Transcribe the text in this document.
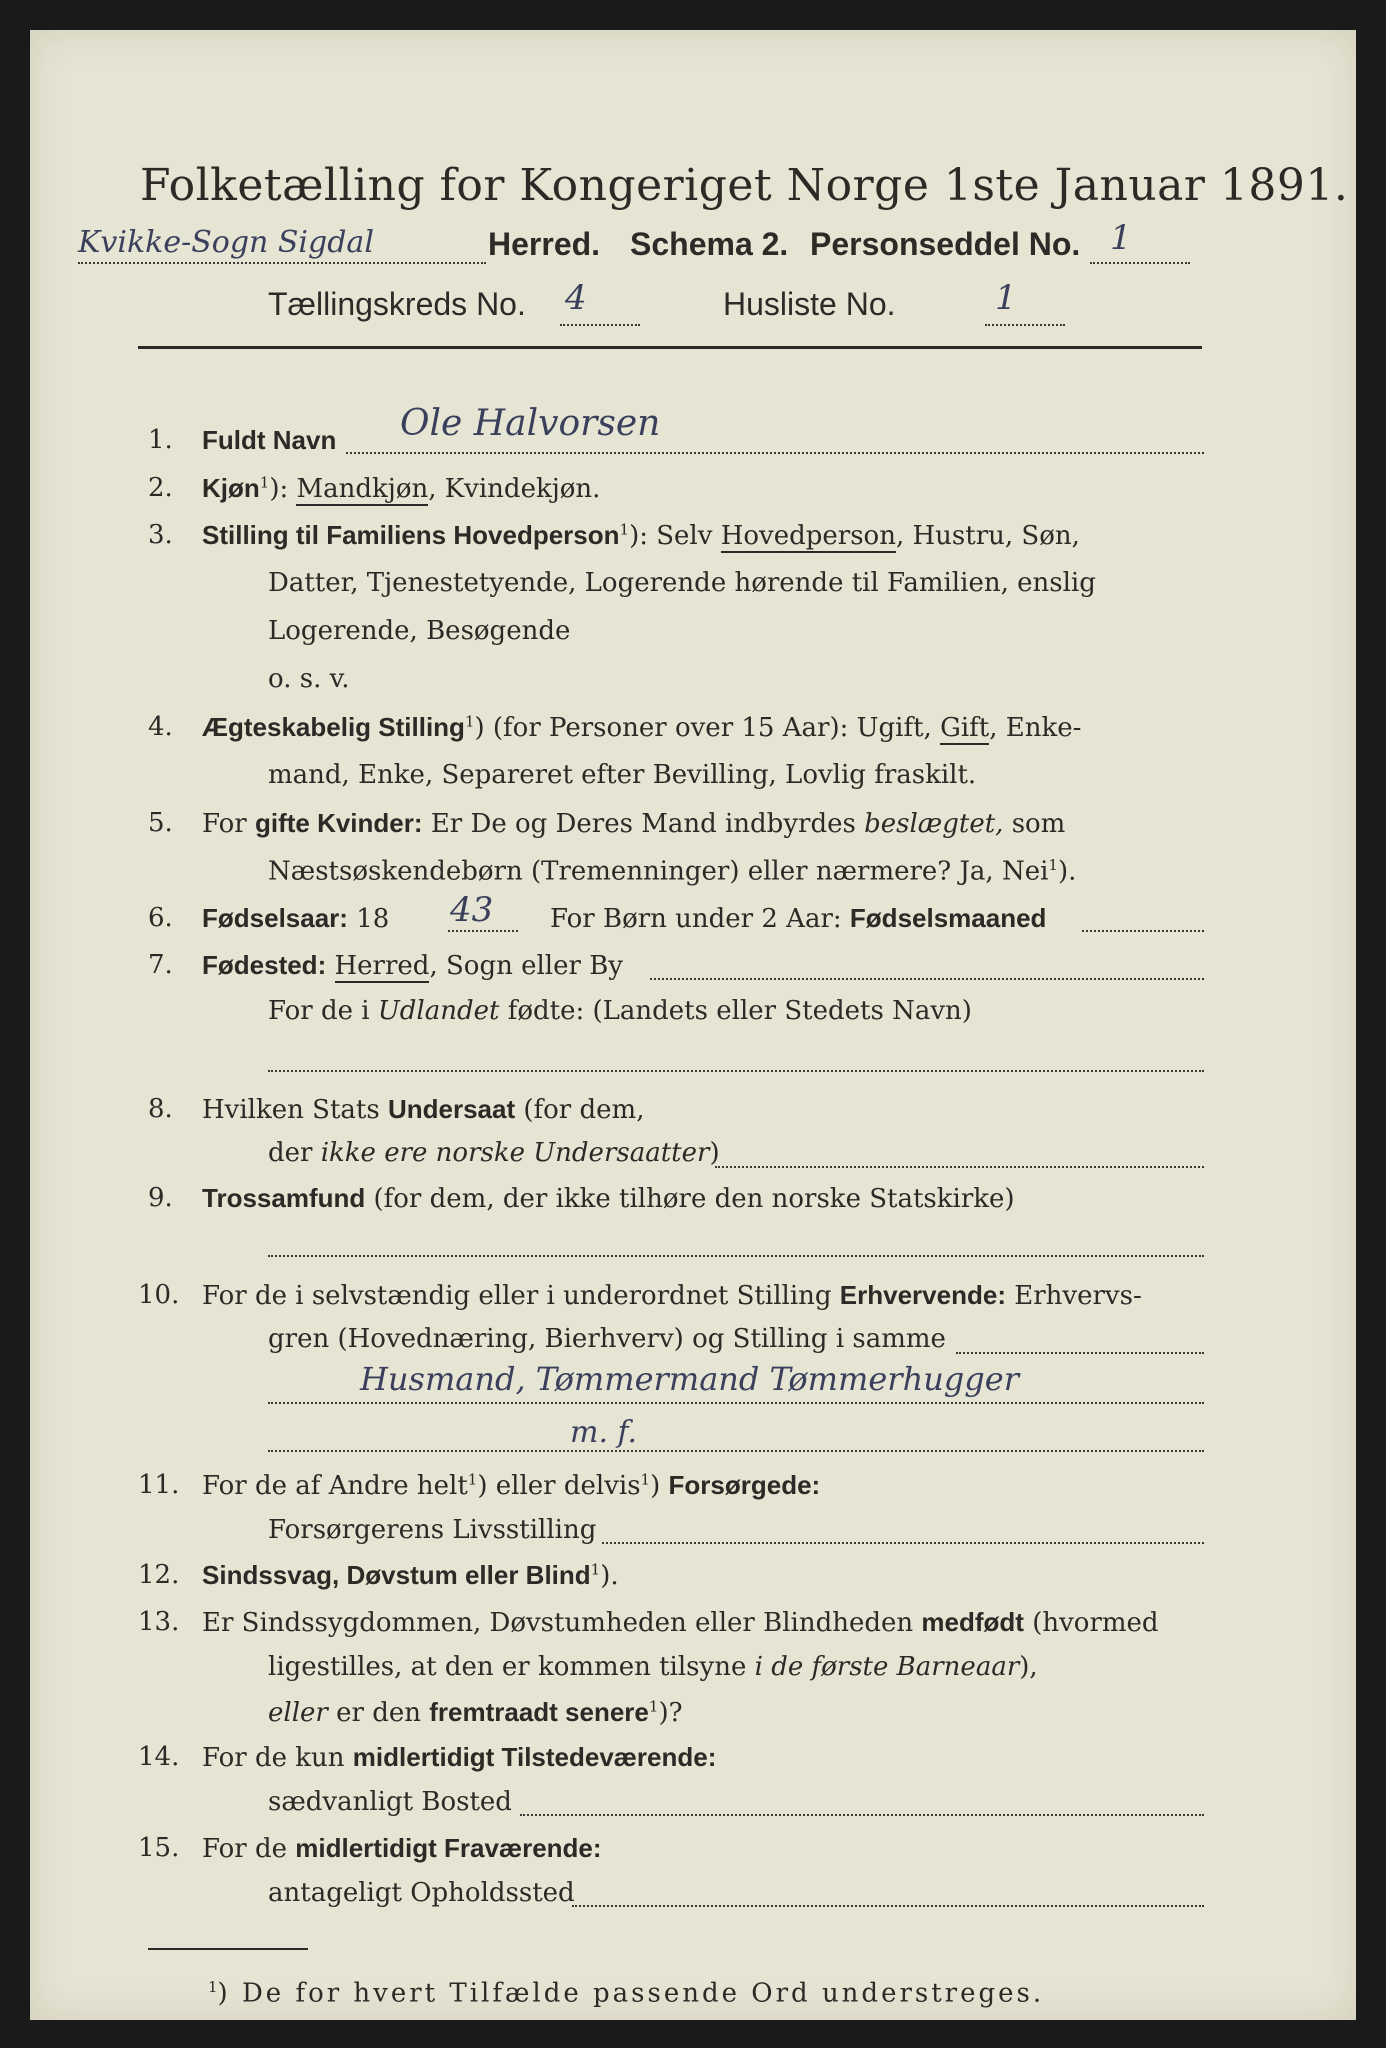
Folketælling for Kongeriget Norge 1ste Januar 1891.
Kvikke-Sogn Sigdal	Herred. Schema 2. Personseddel No. 1
Tællingskreds No. 4	Husliste No.	1
1. Fuldt Navn Ole Halvorsen
2. Kjøn$^1$): Mandkjøn, Kvindekjøn.
3. Stilling til Familiens Hovedperson$^1$): Selv Hovedperson, Hustru, Søn,
Datter, Tjenestetyende, Logerende hørende til Familien, enslig
Logerende, Besøgende
o. s. v.
4. Ægteskabelig Stilling$^1$) (for Personer over 15 Aar): Ugift, Gift, Enke-
mand, Enke, Separeret efter Bevilling, Lovlig fraskilt.
5. For gifte Kvinder: Er De og Deres Mand indbyrdes beslægtet, som
Næstsøskendebørn (Tremenninger) eller nærmere? Ja, Nei$^1$).
6. Fødselsaar: 18 43 For Børn under 2 Aar: Fødselsmaaned
7. Fødested: Herred, Sogn eller By
For de i Udlandet fødte: (Landets eller Stedets Navn)
8. Hvilken Stats Undersaat (for dem,
der ikke ere norske Undersaatter)
9. Trossamfund (for dem, der ikke tilhøre den norske Statskirke)
10. For de i selvstændig eller i underordnet Stilling Erhvervende: Erhvervs-
gren (Hovednæring, Bierhverv) og Stilling i samme
Husmand, Tømmermand Tømmerhugger
m. f.
11. For de af Andre helt$^1$) eller delvis$^1$) Forsørgede:
Forsørgerens Livsstilling
12. Sindssvag, Døvstum eller Blind$^1$).
13. Er Sindssygdommen, Døvstumheden eller Blindheden medfødt (hvormed
ligestilles, at den er kommen tilsyne i de første Barneaar),
eller er den fremtraadt senere$^1$)?
14. For de kun midlertidigt Tilstedeværende:
sædvanligt Bosted
15. For de midlertidigt Fraværende:
antageligt Opholdssted
$^1$) De for hvert Tilfælde passende Ord understreges.
